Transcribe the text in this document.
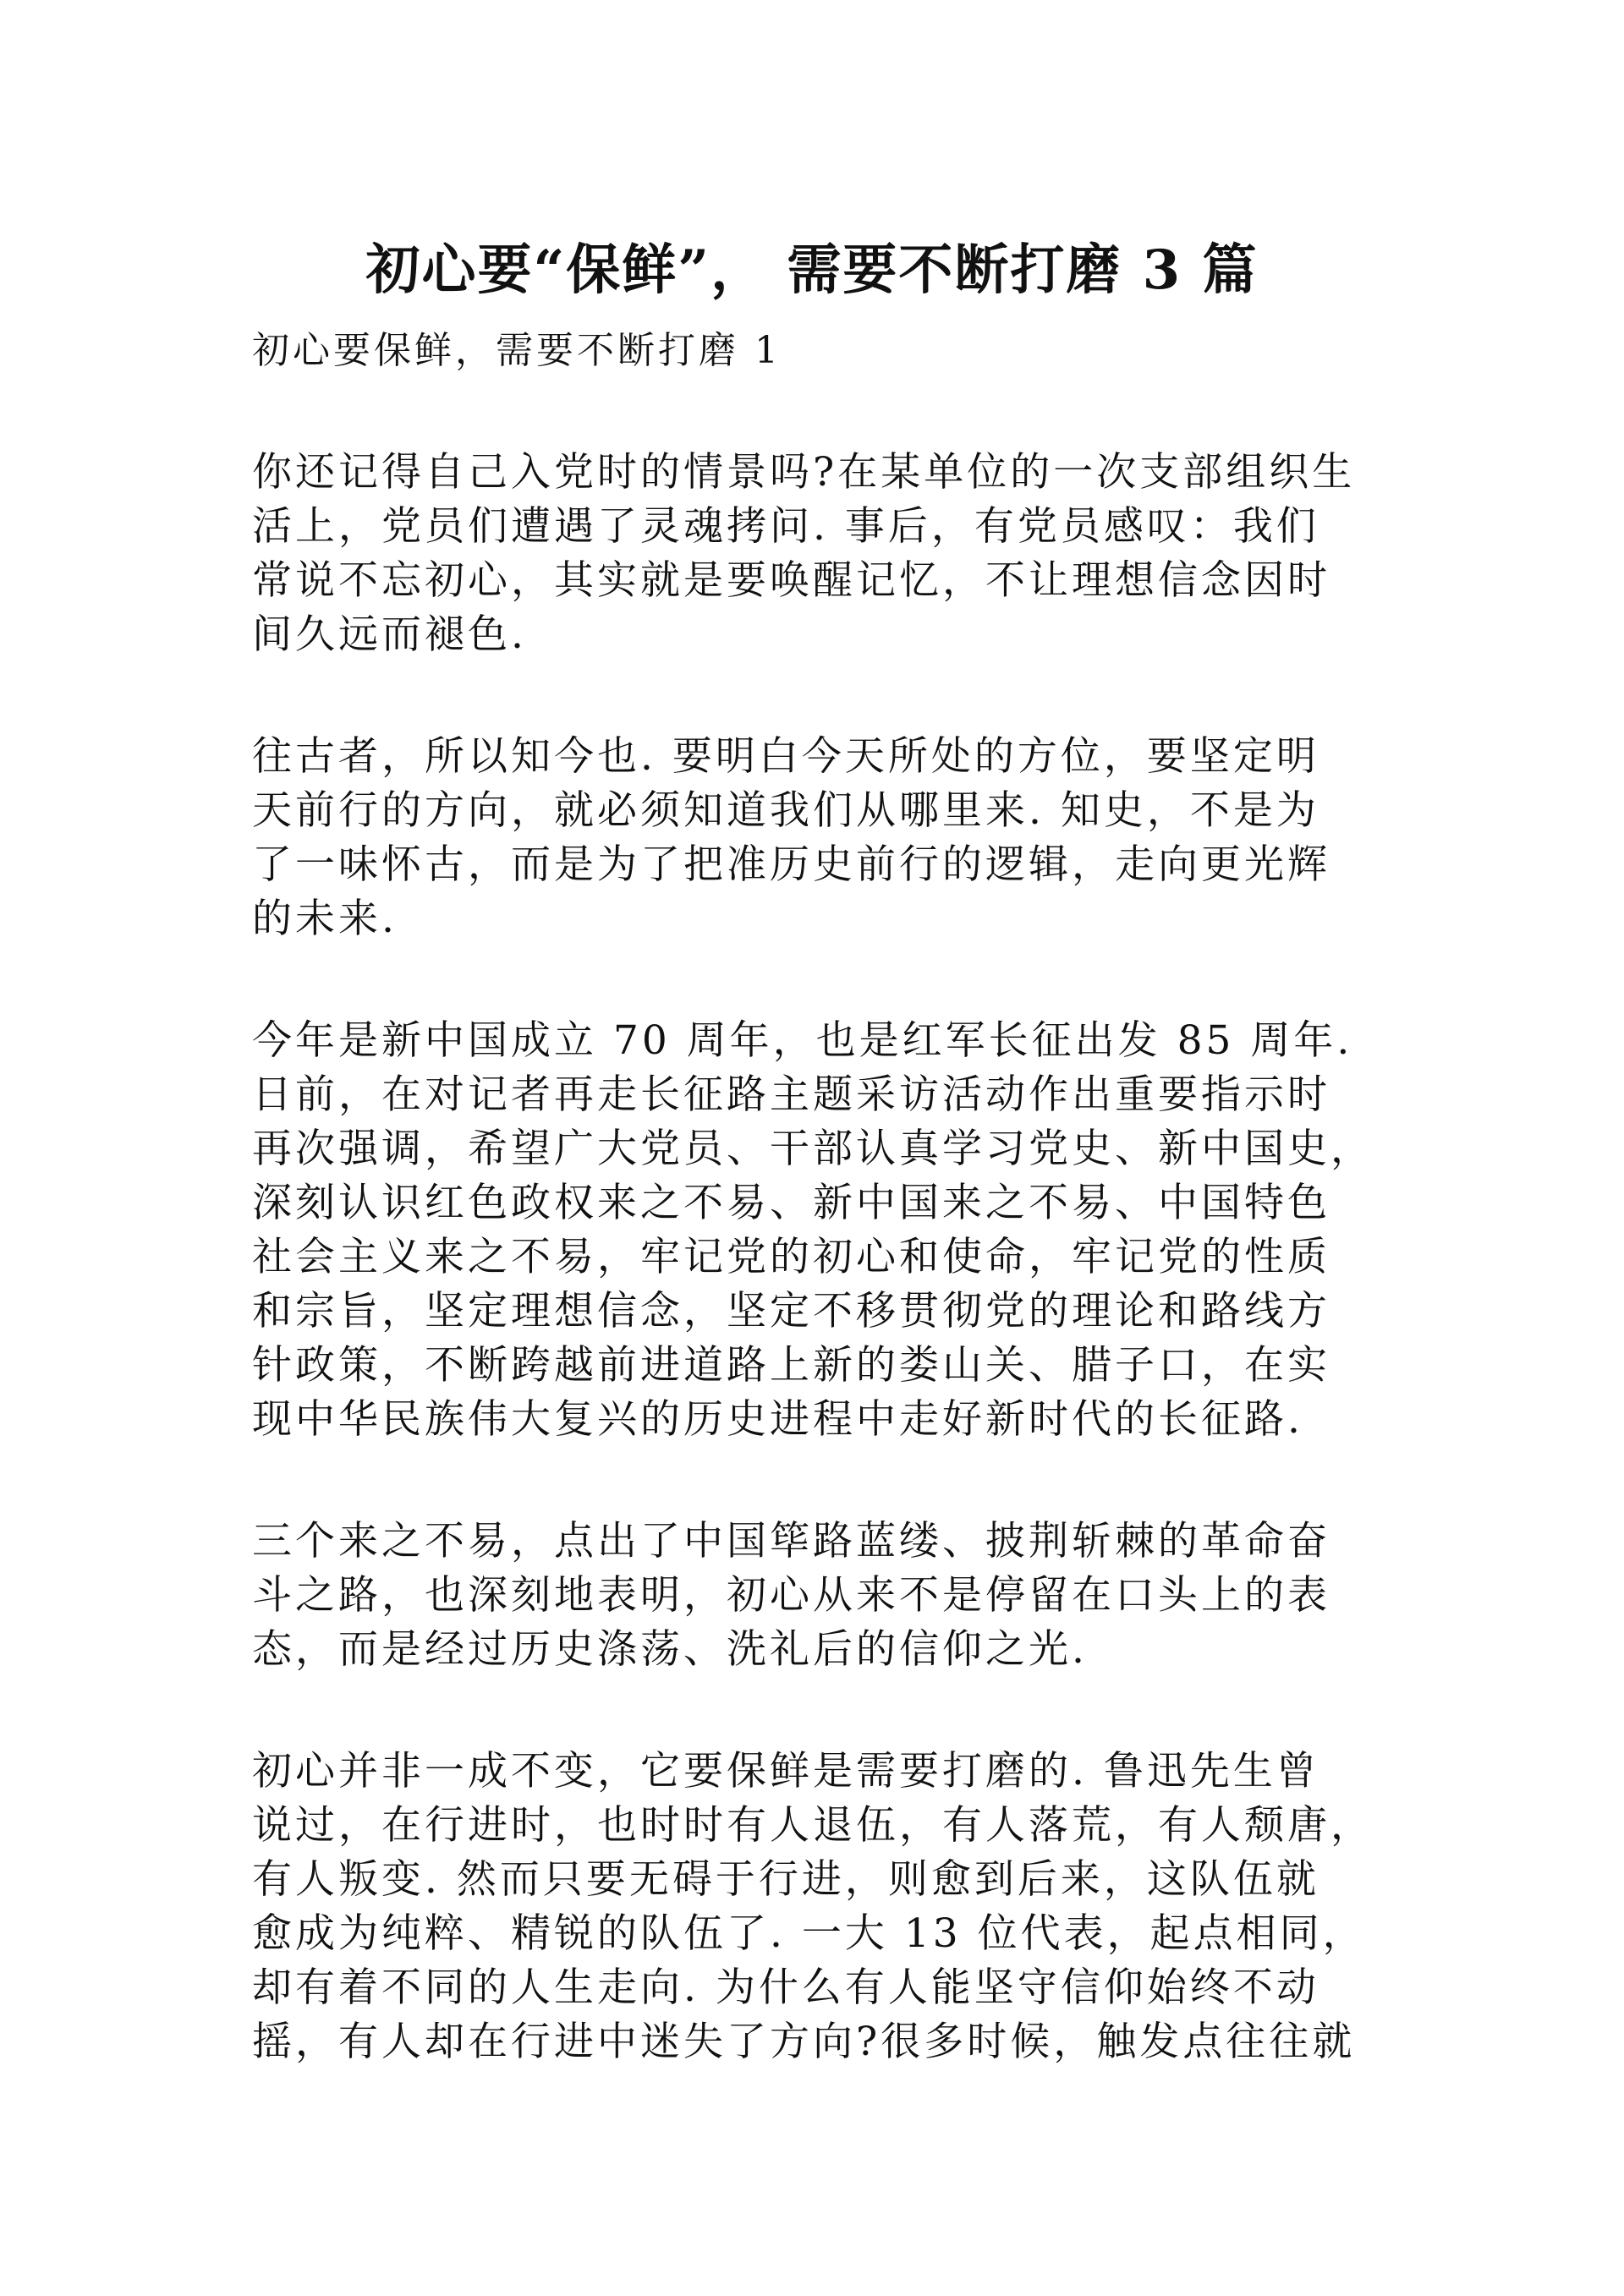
初心要“保鲜”， 需要不断打磨 3 篇
初心要保鲜，需要不断打磨 1
你还记得自己入党时的情景吗?在某单位的一次支部组织生
活上，党员们遭遇了灵魂拷问. 事后，有党员感叹：我们
常说不忘初心，其实就是要唤醒记忆，不让理想信念因时
间久远而褪色.
往古者，所以知今也. 要明白今天所处的方位，要坚定明
天前行的方向，就必须知道我们从哪里来. 知史，不是为
了一味怀古，而是为了把准历史前行的逻辑，走向更光辉
的未来.
今年是新中国成立 70 周年，也是红军长征出发 85 周年.
日前，在对记者再走长征路主题采访活动作出重要指示时
再次强调，希望广大党员、干部认真学习党史、新中国史，
深刻认识红色政权来之不易、新中国来之不易、中国特色
社会主义来之不易，牢记党的初心和使命，牢记党的性质
和宗旨，坚定理想信念，坚定不移贯彻党的理论和路线方
针政策，不断跨越前进道路上新的娄山关、腊子口，在实
现中华民族伟大复兴的历史进程中走好新时代的长征路.
三个来之不易，点出了中国筚路蓝缕、披荆斩棘的革命奋
斗之路，也深刻地表明，初心从来不是停留在口头上的表
态，而是经过历史涤荡、洗礼后的信仰之光.
初心并非一成不变，它要保鲜是需要打磨的. 鲁迅先生曾
说过，在行进时，也时时有人退伍，有人落荒，有人颓唐，
有人叛变. 然而只要无碍于行进，则愈到后来，这队伍就
愈成为纯粹、精锐的队伍了. 一大 13 位代表，起点相同，
却有着不同的人生走向. 为什么有人能坚守信仰始终不动
摇，有人却在行进中迷失了方向?很多时候，触发点往往就
